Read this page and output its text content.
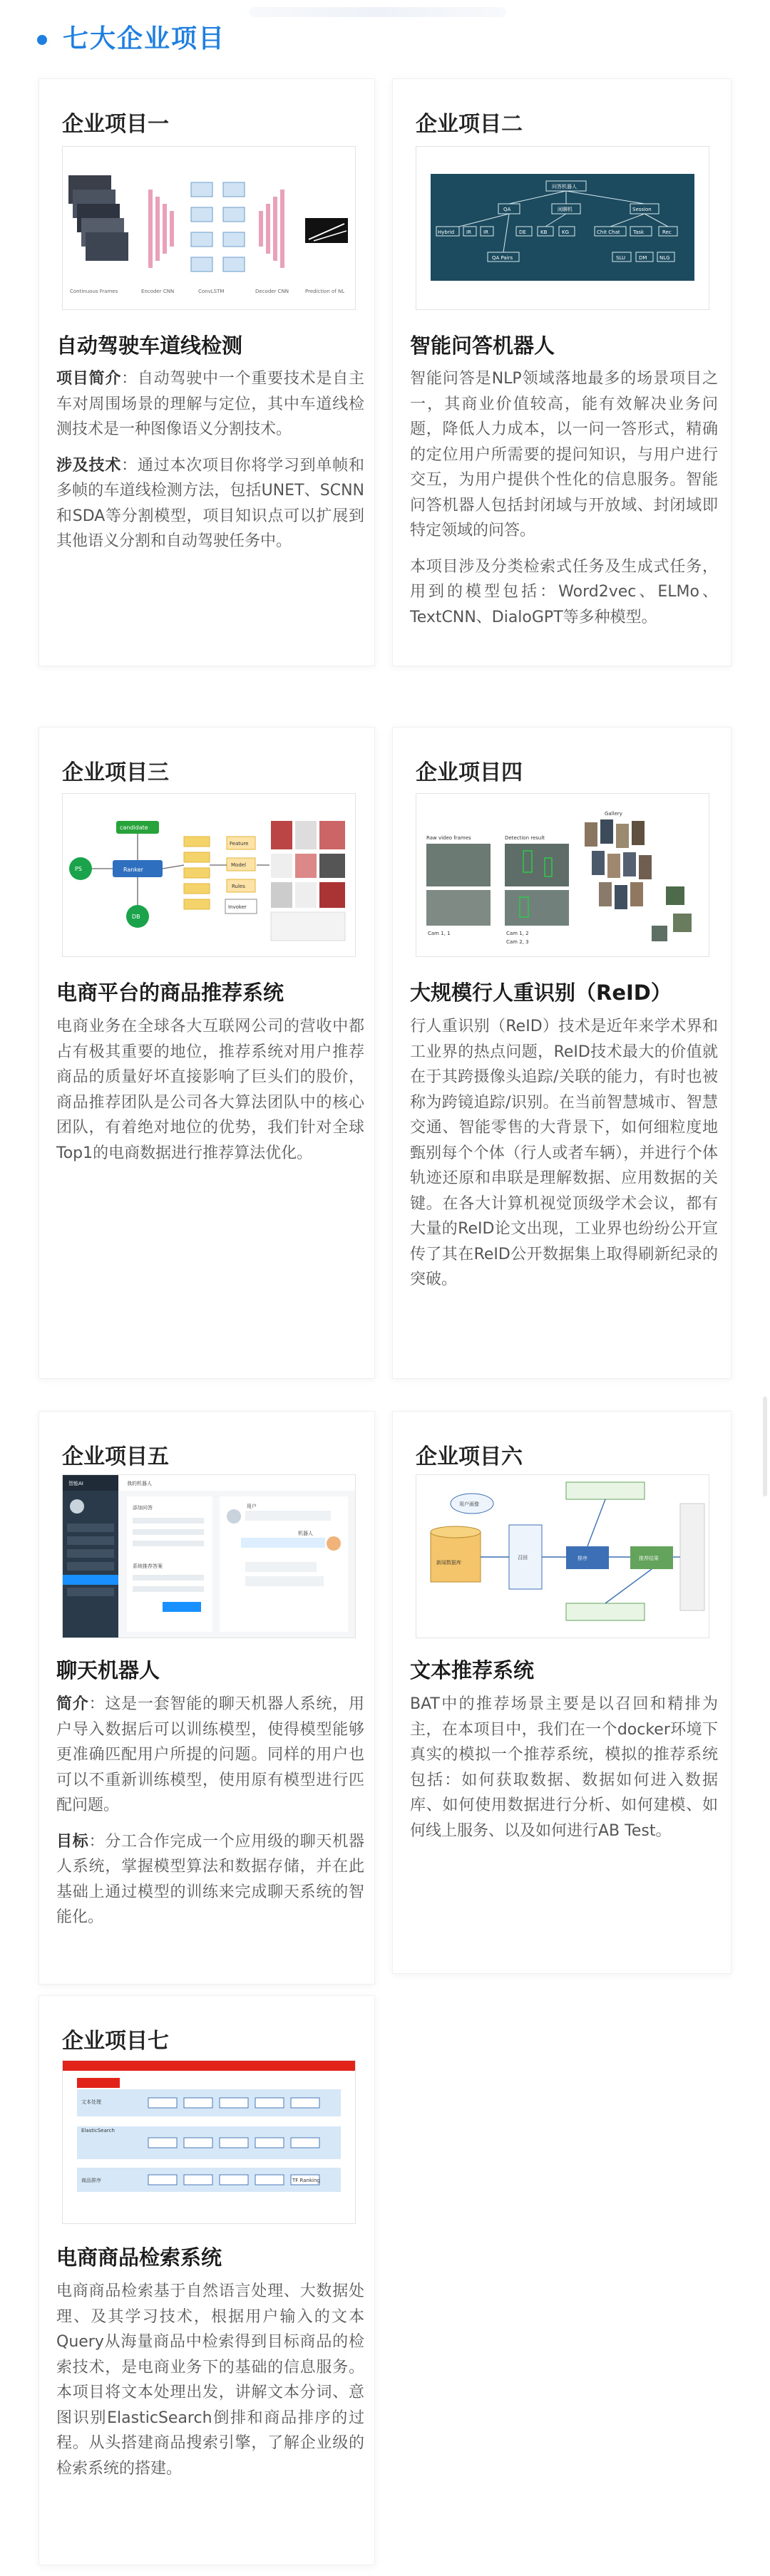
七大企业项目
企业项目一
Continuous Frames	Encoder CNN	ConvLSTM	Decoder CNN	Prediction of NL
自动驾驶车道线检测

项目简介：自动驾驶中一个重要技术是自主车对周围场景的理解与定位，其中车道线检测技术是一种图像语义分割技术。

涉及技术：通过本次项目你将学习到单帧和多帧的车道线检测方法，包括UNET、SCNN和SDA等分割模型，项目知识点可以扩展到其他语义分割和自动驾驶任务中。

企业项目二
问答机器人
QA	闲聊机	Session
Hybrid IR IR	DE	KB	KG	Chit Chat	Task	Rec
QA Pairs	SLU	DM	NLG
智能问答机器人

智能问答是NLP领域落地最多的场景项目之一，其商业价值较高，能有效解决业务问题，降低人力成本，以一问一答形式，精确的定位用户所需要的提问知识，与用户进行交互，为用户提供个性化的信息服务。智能问答机器人包括封闭域与开放域、封闭域即特定领域的问答。

本项目涉及分类检索式任务及生成式任务，用到的模型包括：Word2vec、ELMo、TextCNN、DialoGPT等多种模型。

企业项目三
candidate
PS	Ranker
DB
Feature
Model
Rules
Invoker
电商平台的商品推荐系统

电商业务在全球各大互联网公司的营收中都占有极其重要的地位，推荐系统对用户推荐商品的质量好坏直接影响了巨头们的股价，商品推荐团队是公司各大算法团队中的核心团队，有着绝对地位的优势，我们针对全球Top1的电商数据进行推荐算法优化。

企业项目四
Raw video frames	Detection result
Gallery
Cam 1, 1	Cam 1, 2
Cam 2, 3
大规模行人重识别（ReID）

行人重识别（ReID）技术是近年来学术界和工业界的热点问题，ReID技术最大的价值就在于其跨摄像头追踪/关联的能力，有时也被称为跨镜追踪/识别。在当前智慧城市、智慧交通、智能零售的大背景下，如何细粒度地甄别每个个体（行人或者车辆），并进行个体轨迹还原和串联是理解数据、应用数据的关键。在各大计算机视觉顶级学术会议，都有大量的ReID论文出现，工业界也纷纷公开宣传了其在ReID公开数据集上取得刷新纪录的突破。

企业项目五
智能AI	我的机器人
添加问答
系统推荐答案
用户
机器人
聊天机器人

简介：这是一套智能的聊天机器人系统，用户导入数据后可以训练模型，使得模型能够更准确匹配用户所提的问题。同样的用户也可以不重新训练模型，使用原有模型进行匹配问题。

目标：分工合作完成一个应用级的聊天机器人系统，掌握模型算法和数据存储，并在此基础上通过模型的训练来完成聊天系统的智能化。

企业项目六
用户画像
新闻数据库
召回	排序	推荐结果
文本推荐系统

BAT中的推荐场景主要是以召回和精排为主，在本项目中，我们在一个docker环境下真实的模拟一个推荐系统，模拟的推荐系统包括：如何获取数据、数据如何进入数据库、如何使用数据进行分析、如何建模、如何线上服务、以及如何进行AB Test。

企业项目七
文本处理
ElasticSearch
商品排序	TF Ranking
电商商品检索系统

电商商品检索基于自然语言处理、大数据处理、及其学习技术，根据用户输入的文本Query从海量商品中检索得到目标商品的检索技术，是电商业务下的基础的信息服务。本项目将文本处理出发，讲解文本分词、意图识别ElasticSearch倒排和商品排序的过程。从头搭建商品搜索引擎，了解企业级的检索系统的搭建。
